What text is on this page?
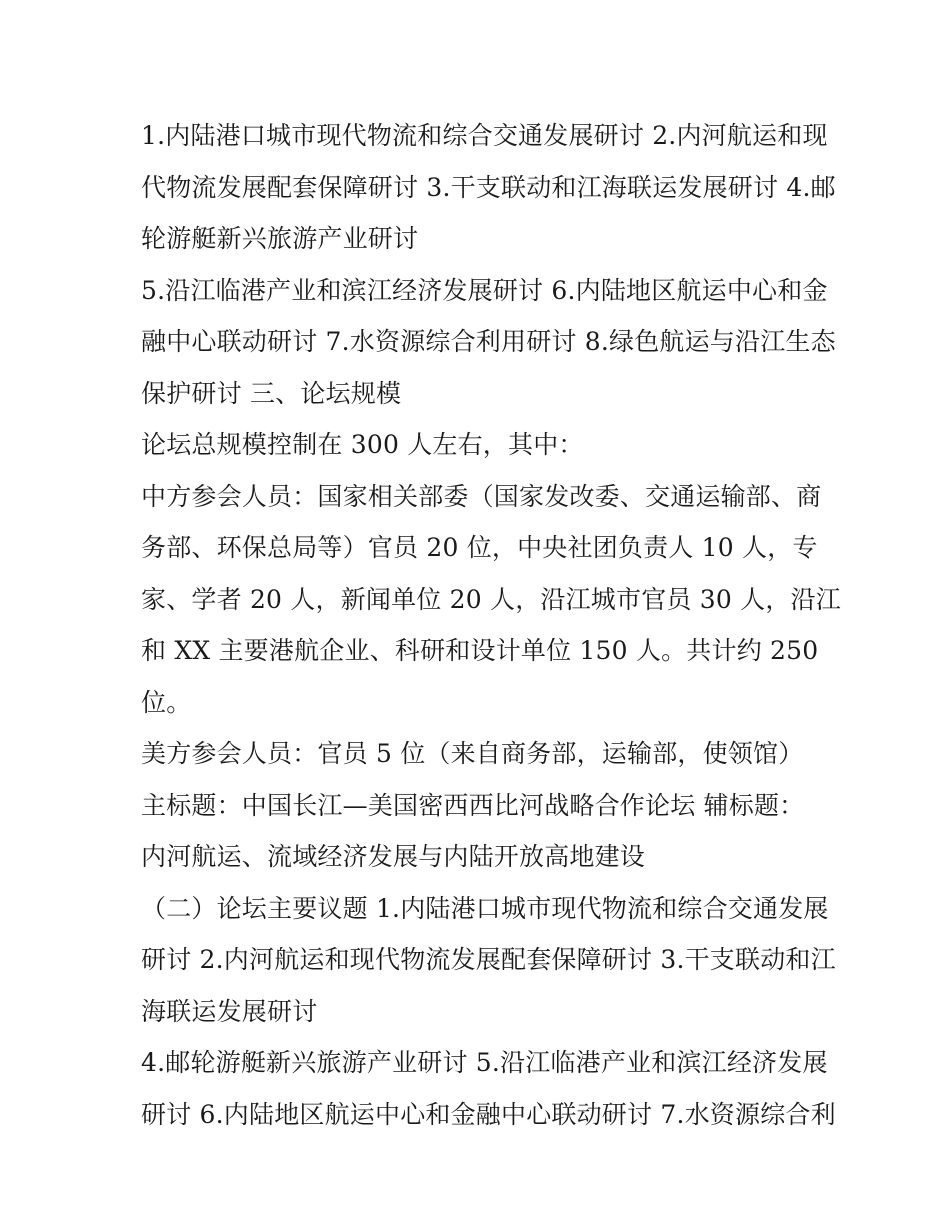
1.内陆港口城市现代物流和综合交通发展研讨 2.内河航运和现
代物流发展配套保障研讨 3.干支联动和江海联运发展研讨 4.邮
轮游艇新兴旅游产业研讨
5.沿江临港产业和滨江经济发展研讨 6.内陆地区航运中心和金
融中心联动研讨 7.水资源综合利用研讨 8.绿色航运与沿江生态
保护研讨 三、论坛规模
论坛总规模控制在 300 人左右，其中：
中方参会人员：国家相关部委（国家发改委、交通运输部、商
务部、环保总局等）官员 20 位，中央社团负责人 10 人，专
家、学者 20 人，新闻单位 20 人，沿江城市官员 30 人，沿江
和 XX 主要港航企业、科研和设计单位 150 人。共计约 250
位。
美方参会人员：官员 5 位（来自商务部，运输部，使领馆）
主标题：中国长江—美国密西西比河战略合作论坛 辅标题：
内河航运、流域经济发展与内陆开放高地建设
（二）论坛主要议题 1.内陆港口城市现代物流和综合交通发展
研讨 2.内河航运和现代物流发展配套保障研讨 3.干支联动和江
海联运发展研讨
4.邮轮游艇新兴旅游产业研讨 5.沿江临港产业和滨江经济发展
研讨 6.内陆地区航运中心和金融中心联动研讨 7.水资源综合利
